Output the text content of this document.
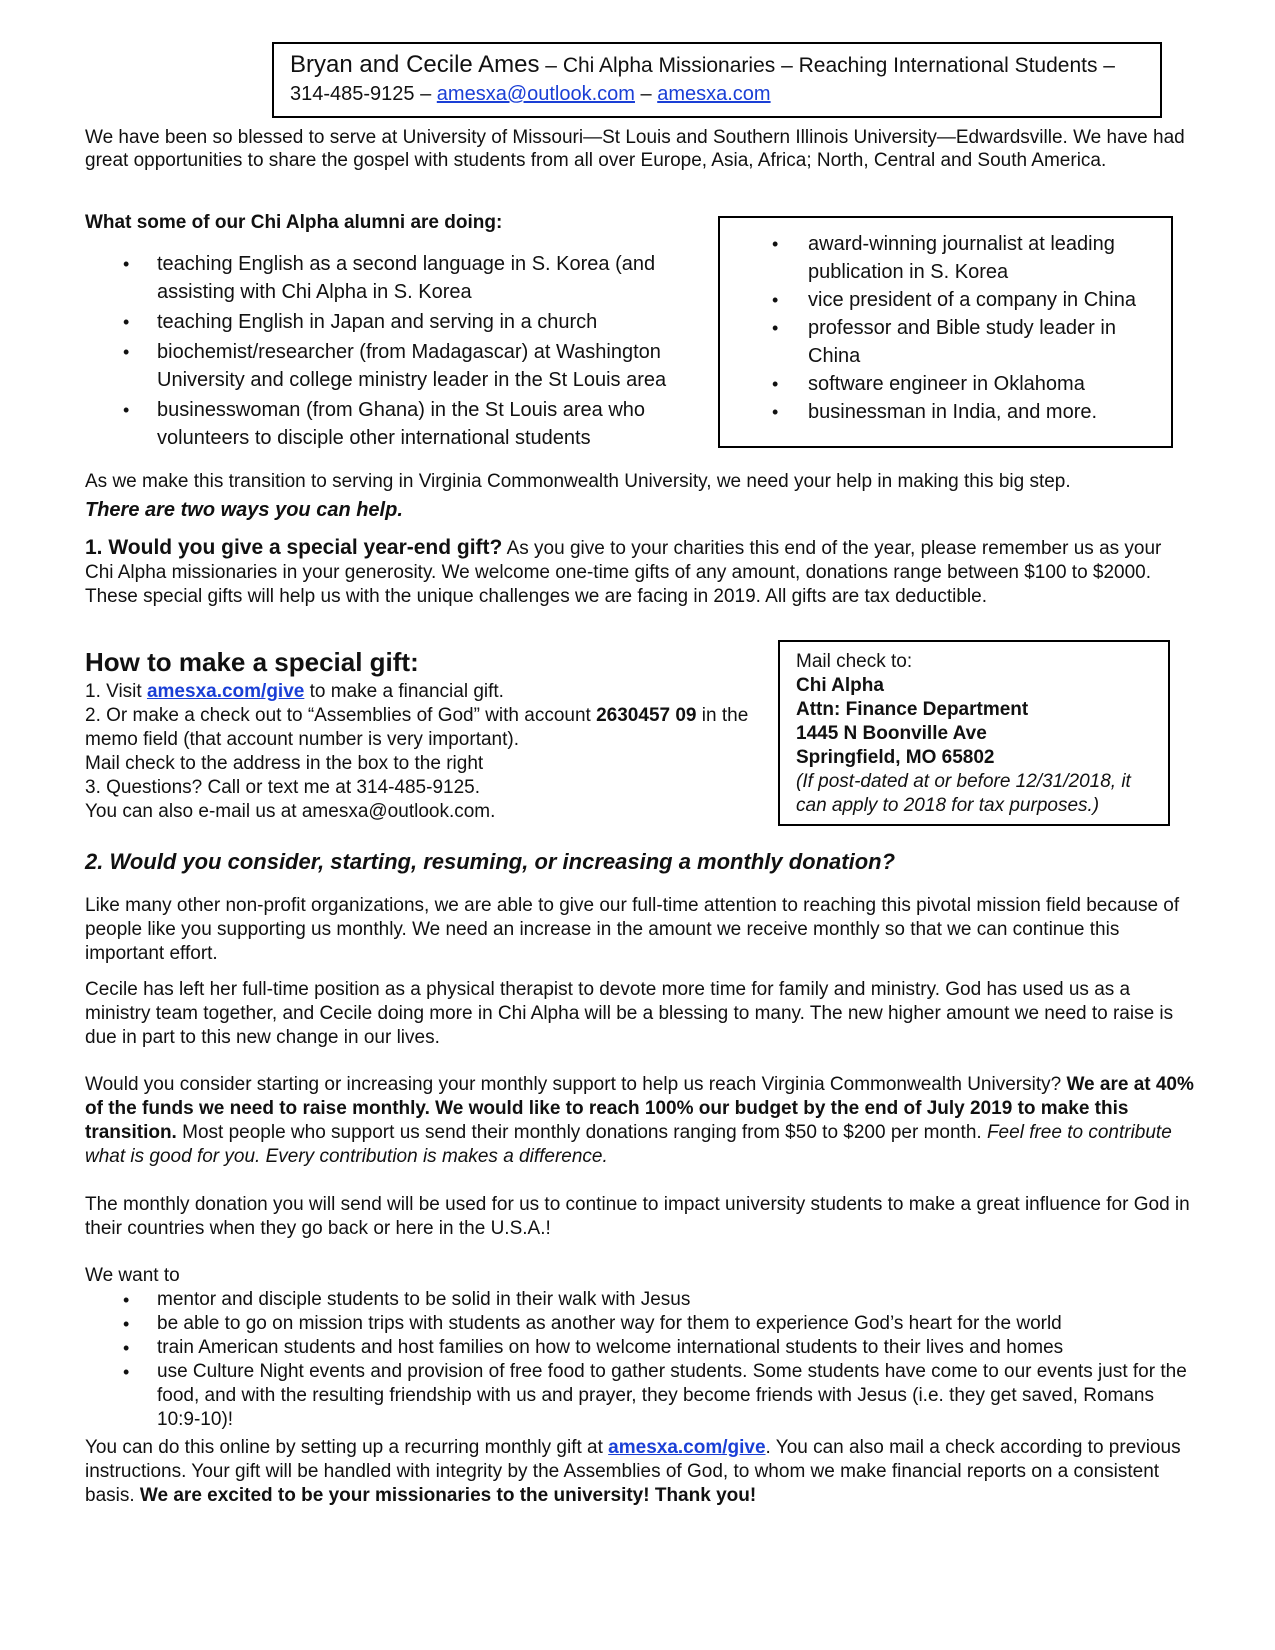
Bryan and Cecile Ames – Chi Alpha Missionaries – Reaching International Students –
314-485-9125 – amesxa@outlook.com – amesxa.com

We have been so blessed to serve at University of Missouri—St Louis and Southern Illinois University—Edwardsville. We have had great opportunities to share the gospel with students from all over Europe, Asia, Africa; North, Central and South America.

What some of our Chi Alpha alumni are doing:

• teaching English as a second language in S. Korea (and assisting with Chi Alpha in S. Korea
• teaching English in Japan and serving in a church
• biochemist/researcher (from Madagascar) at Washington University and college ministry leader in the St Louis area
• businesswoman (from Ghana) in the St Louis area who volunteers to disciple other international students
• award-winning journalist at leading publication in S. Korea
• vice president of a company in China
• professor and Bible study leader in China
• software engineer in Oklahoma
• businessman in India, and more.

As we make this transition to serving in Virginia Commonwealth University, we need your help in making this big step.

There are two ways you can help.

1. Would you give a special year-end gift? As you give to your charities this end of the year, please remember us as your Chi Alpha missionaries in your generosity. We welcome one-time gifts of any amount, donations range between $100 to $2000. These special gifts will help us with the unique challenges we are facing in 2019. All gifts are tax deductible.

How to make a special gift:

1. Visit amesxa.com/give to make a financial gift.

2. Or make a check out to “Assemblies of God” with account 2630457 09 in the memo field (that account number is very important).

Mail check to the address in the box to the right

3. Questions? Call or text me at 314-485-9125.

You can also e-mail us at amesxa@outlook.com.

Mail check to:

Chi Alpha

Attn: Finance Department

1445 N Boonville Ave

Springfield, MO 65802

(If post-dated at or before 12/31/2018, it can apply to 2018 for tax purposes.)

2. Would you consider, starting, resuming, or increasing a monthly donation?

Like many other non-profit organizations, we are able to give our full-time attention to reaching this pivotal mission field because of people like you supporting us monthly. We need an increase in the amount we receive monthly so that we can continue this important effort.

Cecile has left her full-time position as a physical therapist to devote more time for family and ministry. God has used us as a ministry team together, and Cecile doing more in Chi Alpha will be a blessing to many. The new higher amount we need to raise is due in part to this new change in our lives.

Would you consider starting or increasing your monthly support to help us reach Virginia Commonwealth University? We are at 40% of the funds we need to raise monthly. We would like to reach 100% our budget by the end of July 2019 to make this transition. Most people who support us send their monthly donations ranging from $50 to $200 per month. Feel free to contribute what is good for you. Every contribution is makes a difference.

The monthly donation you will send will be used for us to continue to impact university students to make a great influence for God in their countries when they go back or here in the U.S.A.!

We want to

• mentor and disciple students to be solid in their walk with Jesus
• be able to go on mission trips with students as another way for them to experience God’s heart for the world
• train American students and host families on how to welcome international students to their lives and homes
• use Culture Night events and provision of free food to gather students. Some students have come to our events just for the food, and with the resulting friendship with us and prayer, they become friends with Jesus (i.e. they get saved, Romans 10:9-10)!

You can do this online by setting up a recurring monthly gift at amesxa.com/give. You can also mail a check according to previous instructions. Your gift will be handled with integrity by the Assemblies of God, to whom we make financial reports on a consistent basis. We are excited to be your missionaries to the university! Thank you!
